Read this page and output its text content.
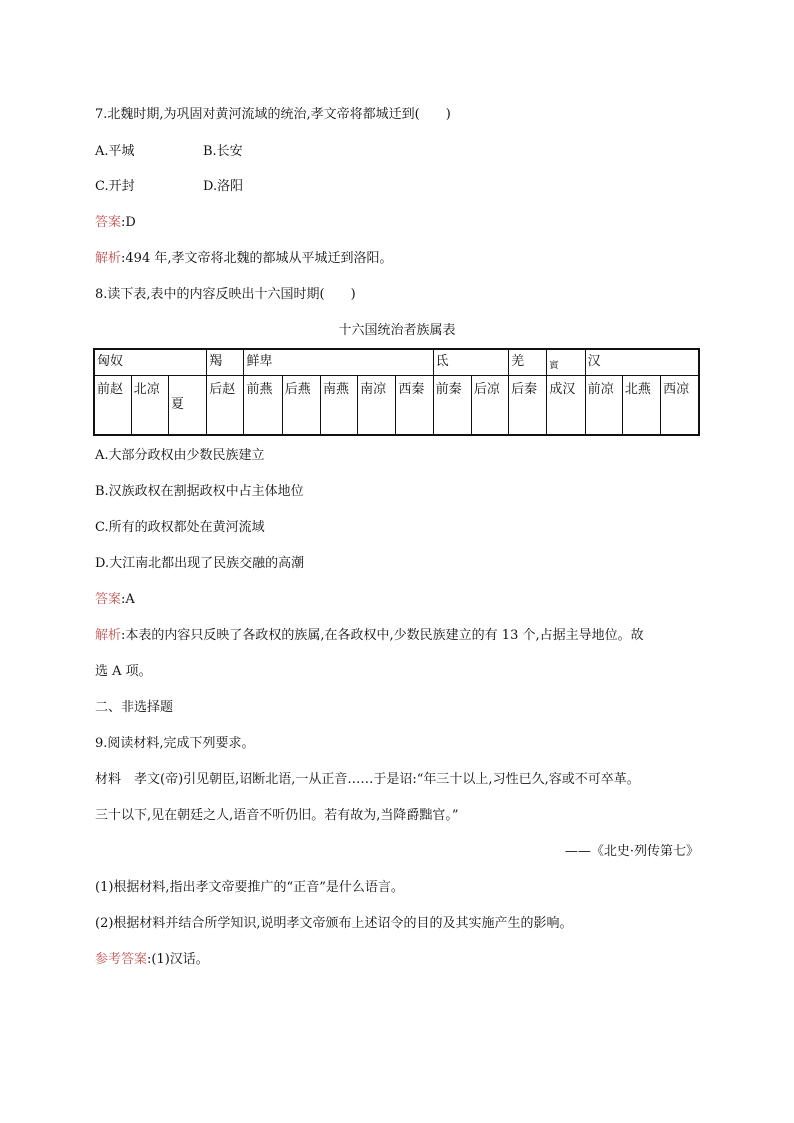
7.北魏时期,为巩固对黄河流域的统治,孝文帝将都城迁到(　　)
A.平城	B.长安
C.开封	D.洛阳
答案:D
解析:494 年,孝文帝将北魏的都城从平城迁到洛阳。
8.读下表,表中的内容反映出十六国时期(　　)
十六国统治者族属表
匈奴			羯	鲜卑					氐		羌	$_賨$	汉		
前赵	北凉	夏	后赵	前燕	后燕	南燕	南凉	西秦	前秦	后凉	后秦	成汉	前凉	北燕	西凉
A.大部分政权由少数民族建立
B.汉族政权在割据政权中占主体地位
C.所有的政权都处在黄河流域
D.大江南北都出现了民族交融的高潮
答案:A
解析:本表的内容只反映了各政权的族属,在各政权中,少数民族建立的有 13 个,占据主导地位。故
选 A 项。
二、非选择题
9.阅读材料,完成下列要求。
材料　孝文(帝)引见朝臣,诏断北语,一从正音……于是诏:“年三十以上,习性已久,容或不可卒革。
三十以下,见在朝廷之人,语音不听仍旧。若有故为,当降爵黜官。”
——《北史·列传第七》
(1)根据材料,指出孝文帝要推广的“正音”是什么语言。
(2)根据材料并结合所学知识,说明孝文帝颁布上述诏令的目的及其实施产生的影响。
参考答案:(1)汉话。
